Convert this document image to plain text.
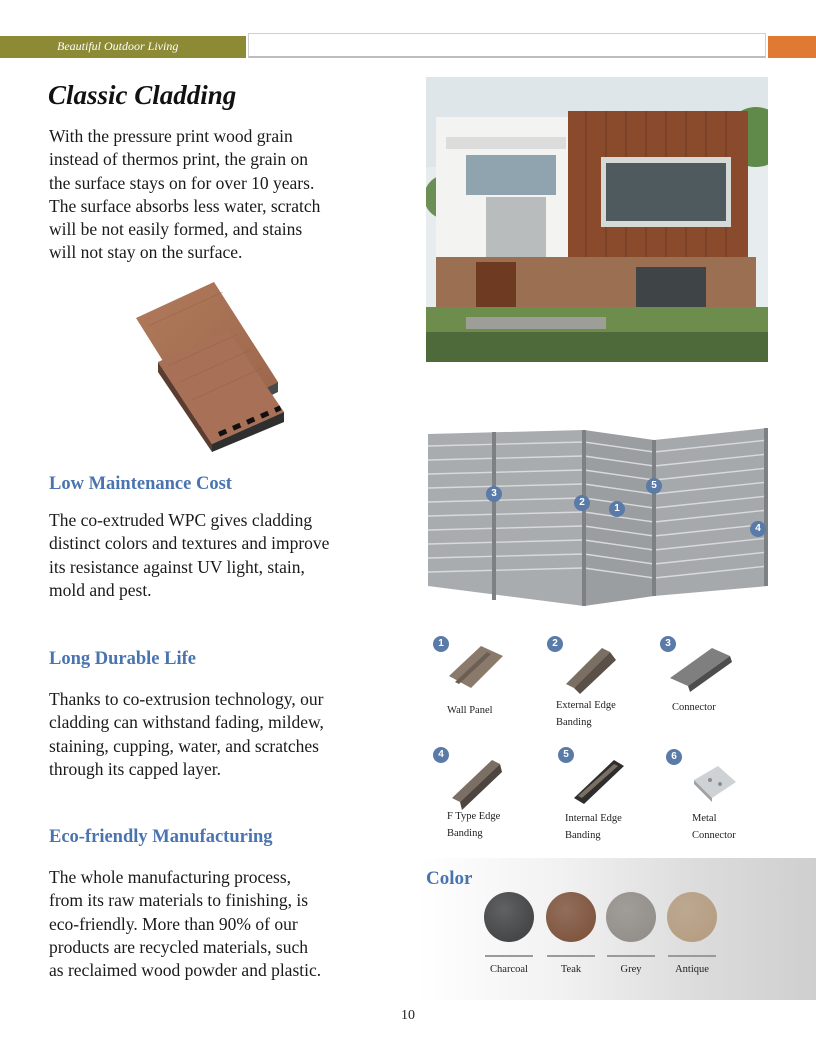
Beautiful Outdoor Living
Classic Cladding
With the pressure print wood grain
instead of thermos print, the grain on
the surface stays on for over 10 years.
The surface absorbs less water, scratch
will be not easily formed, and stains
will not stay on the surface.
Low Maintenance Cost
The co-extruded WPC gives cladding
distinct colors and textures and improve
its resistance against UV light, stain,
mold and pest.
Long Durable Life
Thanks to co-extrusion technology, our
cladding can withstand fading, mildew,
staining, cupping, water, and scratches
through its capped layer.
Eco-friendly Manufacturing
The whole manufacturing process,
from its raw materials to finishing, is
eco-friendly. More than 90% of our
products are recycled materials, such
as reclaimed wood powder and plastic.
3
2
1
5
4
1
Wall Panel
2
External Edge
Banding
3
Connector
4
F Type Edge
Banding
5
Internal Edge
Banding
6
Metal
Connector
Color
Charcoal	Teak	Grey	Antique
10
